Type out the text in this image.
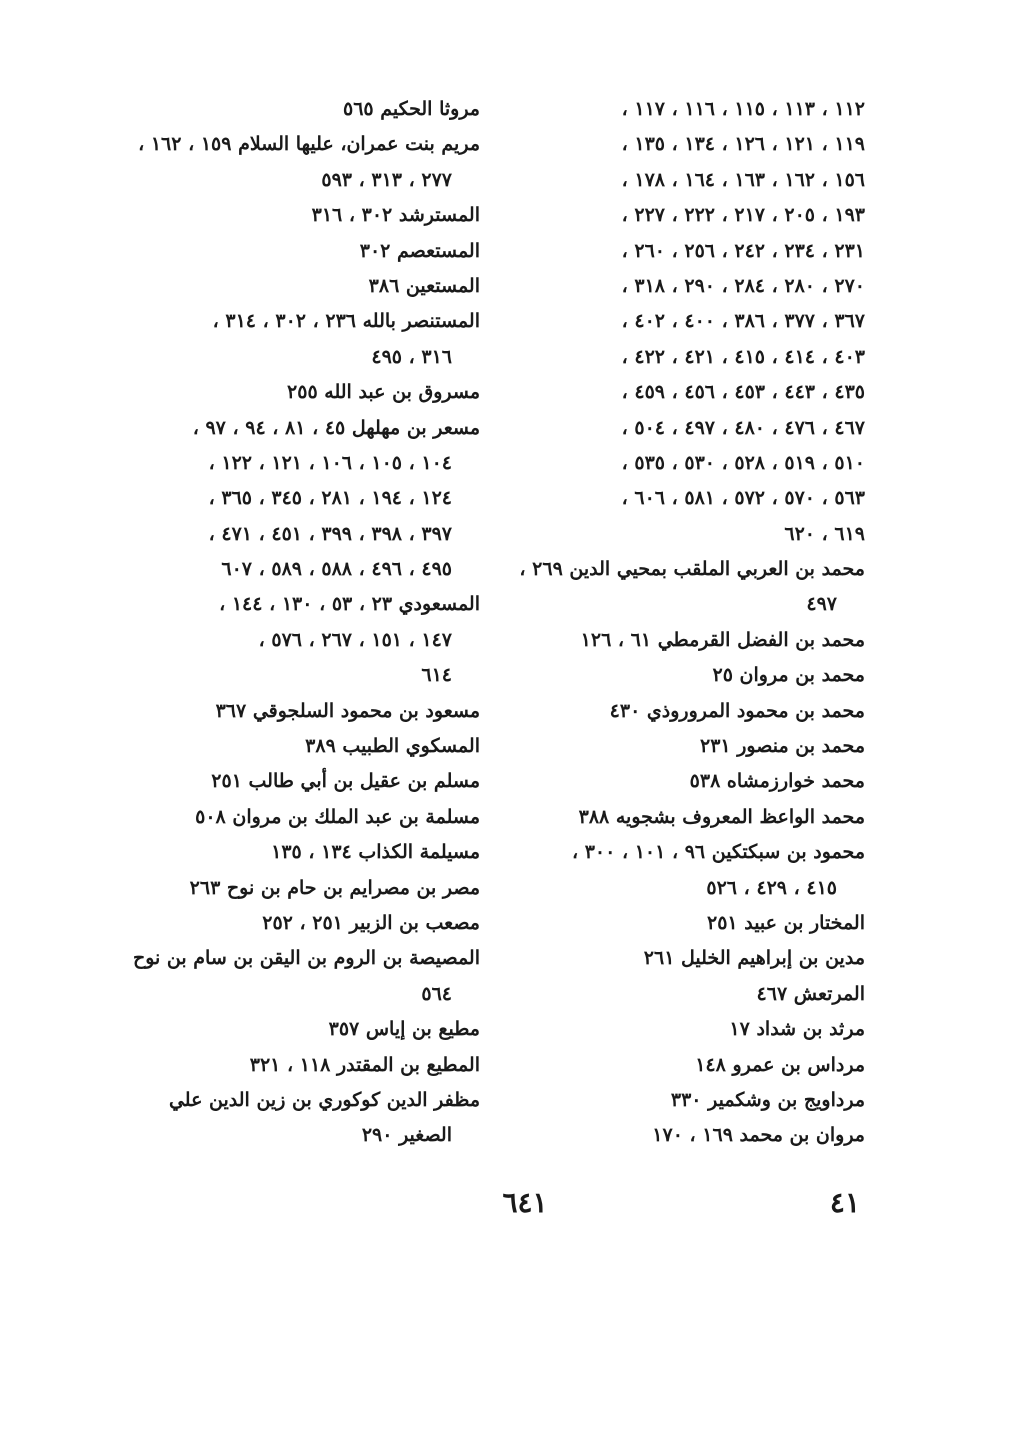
١١٢ ، ١١٣ ، ١١٥ ، ١١٦ ، ١١٧ ،
١١٩ ، ١٢١ ، ١٢٦ ، ١٣٤ ، ١٣٥ ،
١٥٦ ، ١٦٢ ، ١٦٣ ، ١٦٤ ، ١٧٨ ،
١٩٣ ، ٢٠٥ ، ٢١٧ ، ٢٢٢ ، ٢٢٧ ،
٢٣١ ، ٢٣٤ ، ٢٤٢ ، ٢٥٦ ، ٢٦٠ ،
٢٧٠ ، ٢٨٠ ، ٢٨٤ ، ٢٩٠ ، ٣١٨ ،
٣٦٧ ، ٣٧٧ ، ٣٨٦ ، ٤٠٠ ، ٤٠٢ ،
٤٠٣ ، ٤١٤ ، ٤١٥ ، ٤٢١ ، ٤٢٢ ،
٤٣٥ ، ٤٤٣ ، ٤٥٣ ، ٤٥٦ ، ٤٥٩ ،
٤٦٧ ، ٤٧٦ ، ٤٨٠ ، ٤٩٧ ، ٥٠٤ ،
٥١٠ ، ٥١٩ ، ٥٢٨ ، ٥٣٠ ، ٥٣٥ ،
٥٦٣ ، ٥٧٠ ، ٥٧٢ ، ٥٨١ ، ٦٠٦ ،
٦١٩ ، ٦٢٠
محمد بن العربي الملقب بمحيي الدين ٢٦٩ ،
٤٩٧
محمد بن الفضل القرمطي ٦١ ، ١٢٦
محمد بن مروان ٢٥
محمد بن محمود المروروذي ٤٣٠
محمد بن منصور ٢٣١
محمد خوارزمشاه ٥٣٨
محمد الواعظ المعروف بشجويه ٣٨٨
محمود بن سبكتكين ٩٦ ، ١٠١ ، ٣٠٠ ،
٤١٥ ، ٤٢٩ ، ٥٢٦
المختار بن عبيد ٢٥١
مدين بن إبراهيم الخليل ٢٦١
المرتعش ٤٦٧
مرثد بن شداد ١٧
مرداس بن عمرو ١٤٨
مرداويج بن وشكمير ٣٣٠
مروان بن محمد ١٦٩ ، ١٧٠
مروثا الحكيم ٥٦٥
مريم بنت عمران، عليها السلام ١٥٩ ، ١٦٢ ،
٢٧٧ ، ٣١٣ ، ٥٩٣
المسترشد ٣٠٢ ، ٣١٦
المستعصم ٣٠٢
المستعين ٣٨٦
المستنصر بالله ٢٣٦ ، ٣٠٢ ، ٣١٤ ،
٣١٦ ، ٤٩٥
مسروق بن عبد الله ٢٥٥
مسعر بن مهلهل ٤٥ ، ٨١ ، ٩٤ ، ٩٧ ،
١٠٤ ، ١٠٥ ، ١٠٦ ، ١٢١ ، ١٢٢ ،
١٢٤ ، ١٩٤ ، ٢٨١ ، ٣٤٥ ، ٣٦٥ ،
٣٩٧ ، ٣٩٨ ، ٣٩٩ ، ٤٥١ ، ٤٧١ ،
٤٩٥ ، ٤٩٦ ، ٥٨٨ ، ٥٨٩ ، ٦٠٧
المسعودي ٢٣ ، ٥٣ ، ١٣٠ ، ١٤٤ ،
١٤٧ ، ١٥١ ، ٢٦٧ ، ٥٧٦ ،
٦١٤
مسعود بن محمود السلجوقي ٣٦٧
المسكوي الطبيب ٣٨٩
مسلم بن عقيل بن أبي طالب ٢٥١
مسلمة بن عبد الملك بن مروان ٥٠٨
مسيلمة الكذاب ١٣٤ ، ١٣٥
مصر بن مصرايم بن حام بن نوح ٢٦٣
مصعب بن الزبير ٢٥١ ، ٢٥٢
المصيصة بن الروم بن اليقن بن سام بن نوح
٥٦٤
مطيع بن إياس ٣٥٧
المطيع بن المقتدر ١١٨ ، ٣٢١
مظفر الدين كوكوري بن زين الدين علي
الصغير ٢٩٠
٦٤١	٤١
